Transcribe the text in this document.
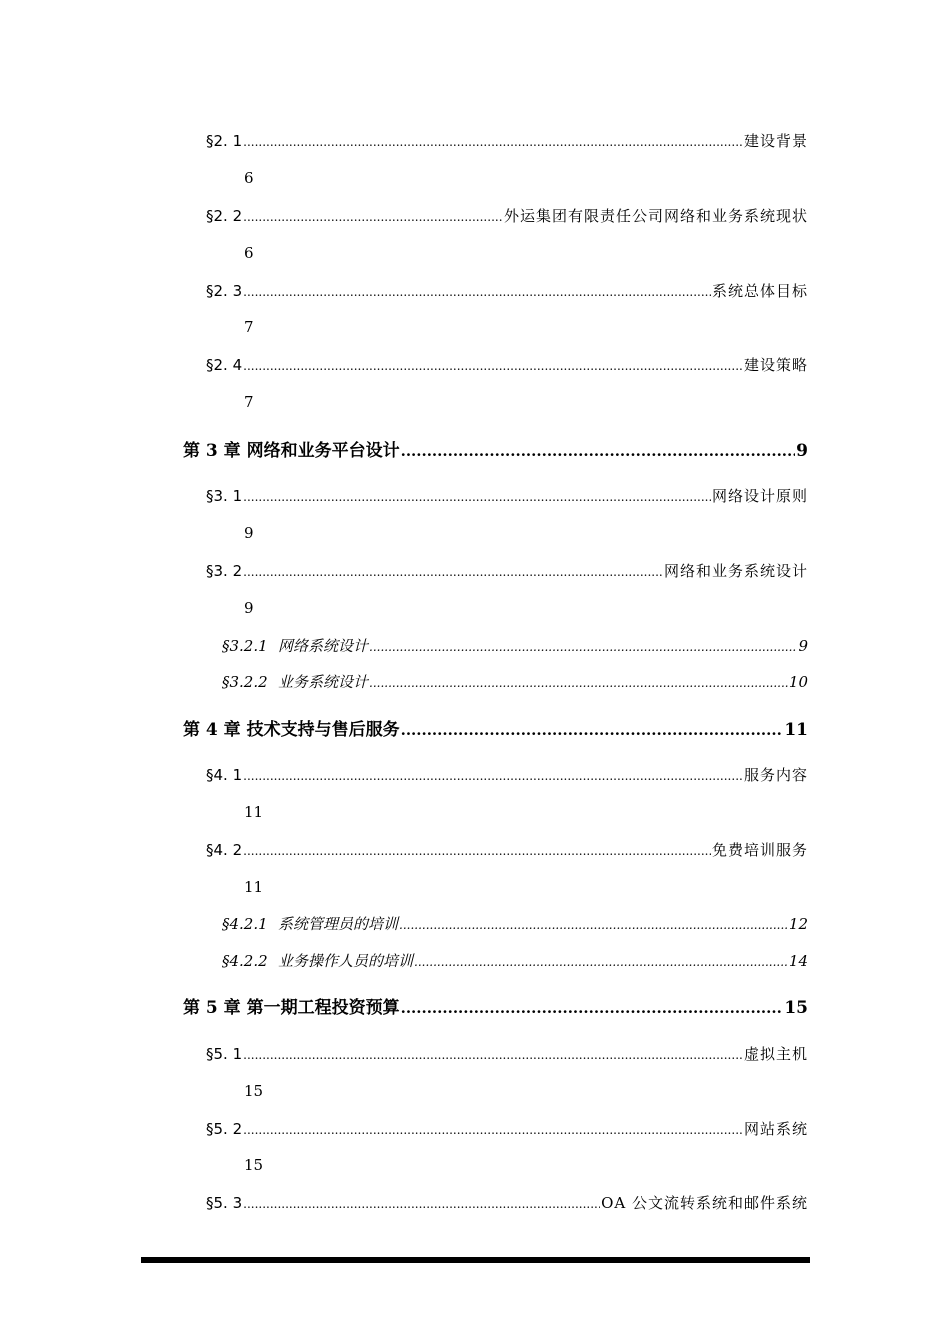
§2. 1 .....	建设背景
6
§2. 2 .....	外运集团有限责任公司网络和业务系统现状
6
§2. 3 .....	系统总体目标
7
§2. 4 .....	建设策略
7
第 3 章 网络和业务平台设计 .....	9
§3. 1 .....	网络设计原则
9
§3. 2 .....	网络和业务系统设计
9
§3.2.1 网络系统设计 .....	9
§3.2.2 业务系统设计 .....	10
第 4 章 技术支持与售后服务 .....	11
§4. 1 .....	服务内容
11
§4. 2 .....	免费培训服务
11
§4.2.1 系统管理员的培训 .....	12
§4.2.2 业务操作人员的培训 .....	14
第 5 章 第一期工程投资预算 .....	15
§5. 1 .....	虚拟主机
15
§5. 2 .....	网站系统
15
§5. 3 .....	OA 公文流转系统和邮件系统
